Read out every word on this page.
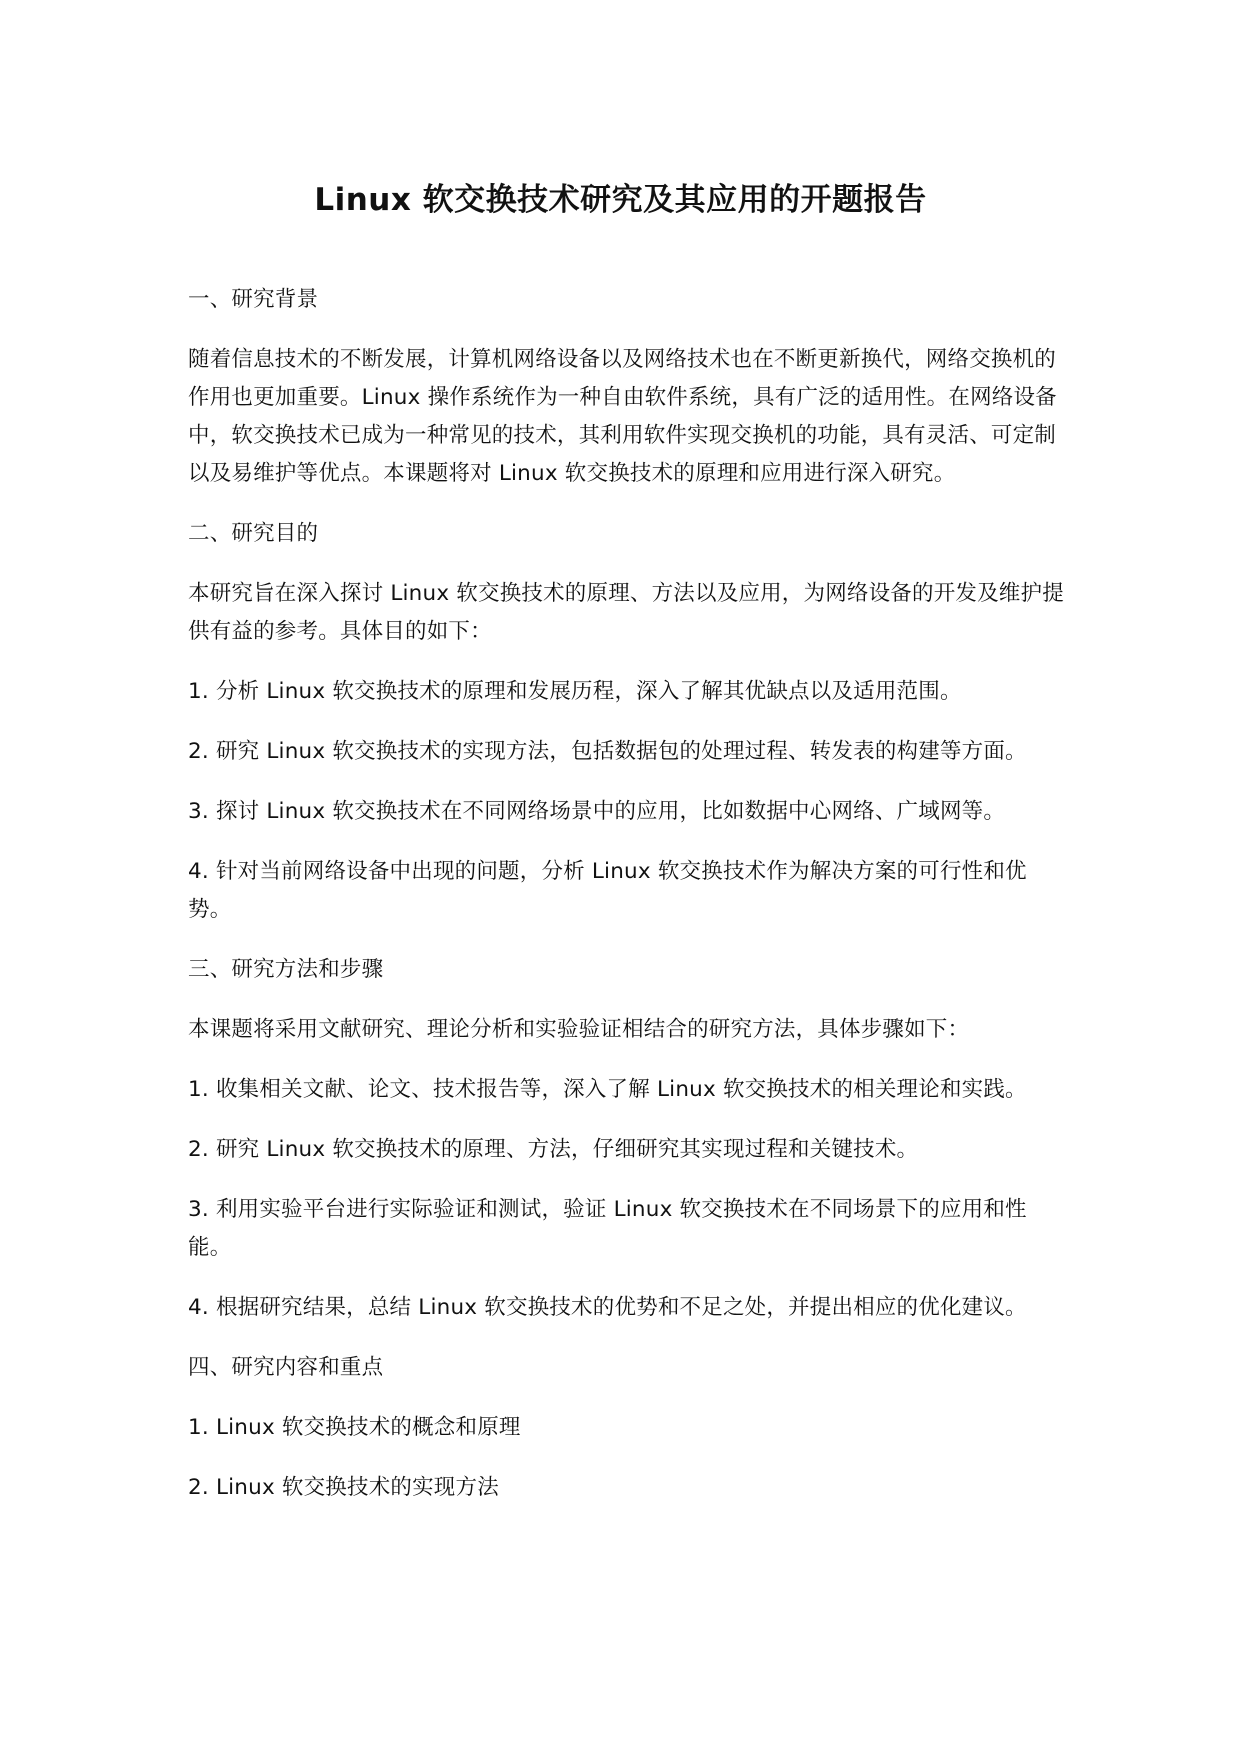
Linux 软交换技术研究及其应用的开题报告

一、研究背景

随着信息技术的不断发展，计算机网络设备以及网络技术也在不断更新换代，网络交换机的作用也更加重要。Linux 操作系统作为一种自由软件系统，具有广泛的适用性。在网络设备中，软交换技术已成为一种常见的技术，其利用软件实现交换机的功能，具有灵活、可定制以及易维护等优点。本课题将对 Linux 软交换技术的原理和应用进行深入研究。

二、研究目的

本研究旨在深入探讨 Linux 软交换技术的原理、方法以及应用，为网络设备的开发及维护提供有益的参考。具体目的如下：

1. 分析 Linux 软交换技术的原理和发展历程，深入了解其优缺点以及适用范围。

2. 研究 Linux 软交换技术的实现方法，包括数据包的处理过程、转发表的构建等方面。

3. 探讨 Linux 软交换技术在不同网络场景中的应用，比如数据中心网络、广域网等。

4. 针对当前网络设备中出现的问题，分析 Linux 软交换技术作为解决方案的可行性和优势。

三、研究方法和步骤

本课题将采用文献研究、理论分析和实验验证相结合的研究方法，具体步骤如下：

1. 收集相关文献、论文、技术报告等，深入了解 Linux 软交换技术的相关理论和实践。

2. 研究 Linux 软交换技术的原理、方法，仔细研究其实现过程和关键技术。

3. 利用实验平台进行实际验证和测试，验证 Linux 软交换技术在不同场景下的应用和性能。

4. 根据研究结果，总结 Linux 软交换技术的优势和不足之处，并提出相应的优化建议。

四、研究内容和重点

1. Linux 软交换技术的概念和原理

2. Linux 软交换技术的实现方法
